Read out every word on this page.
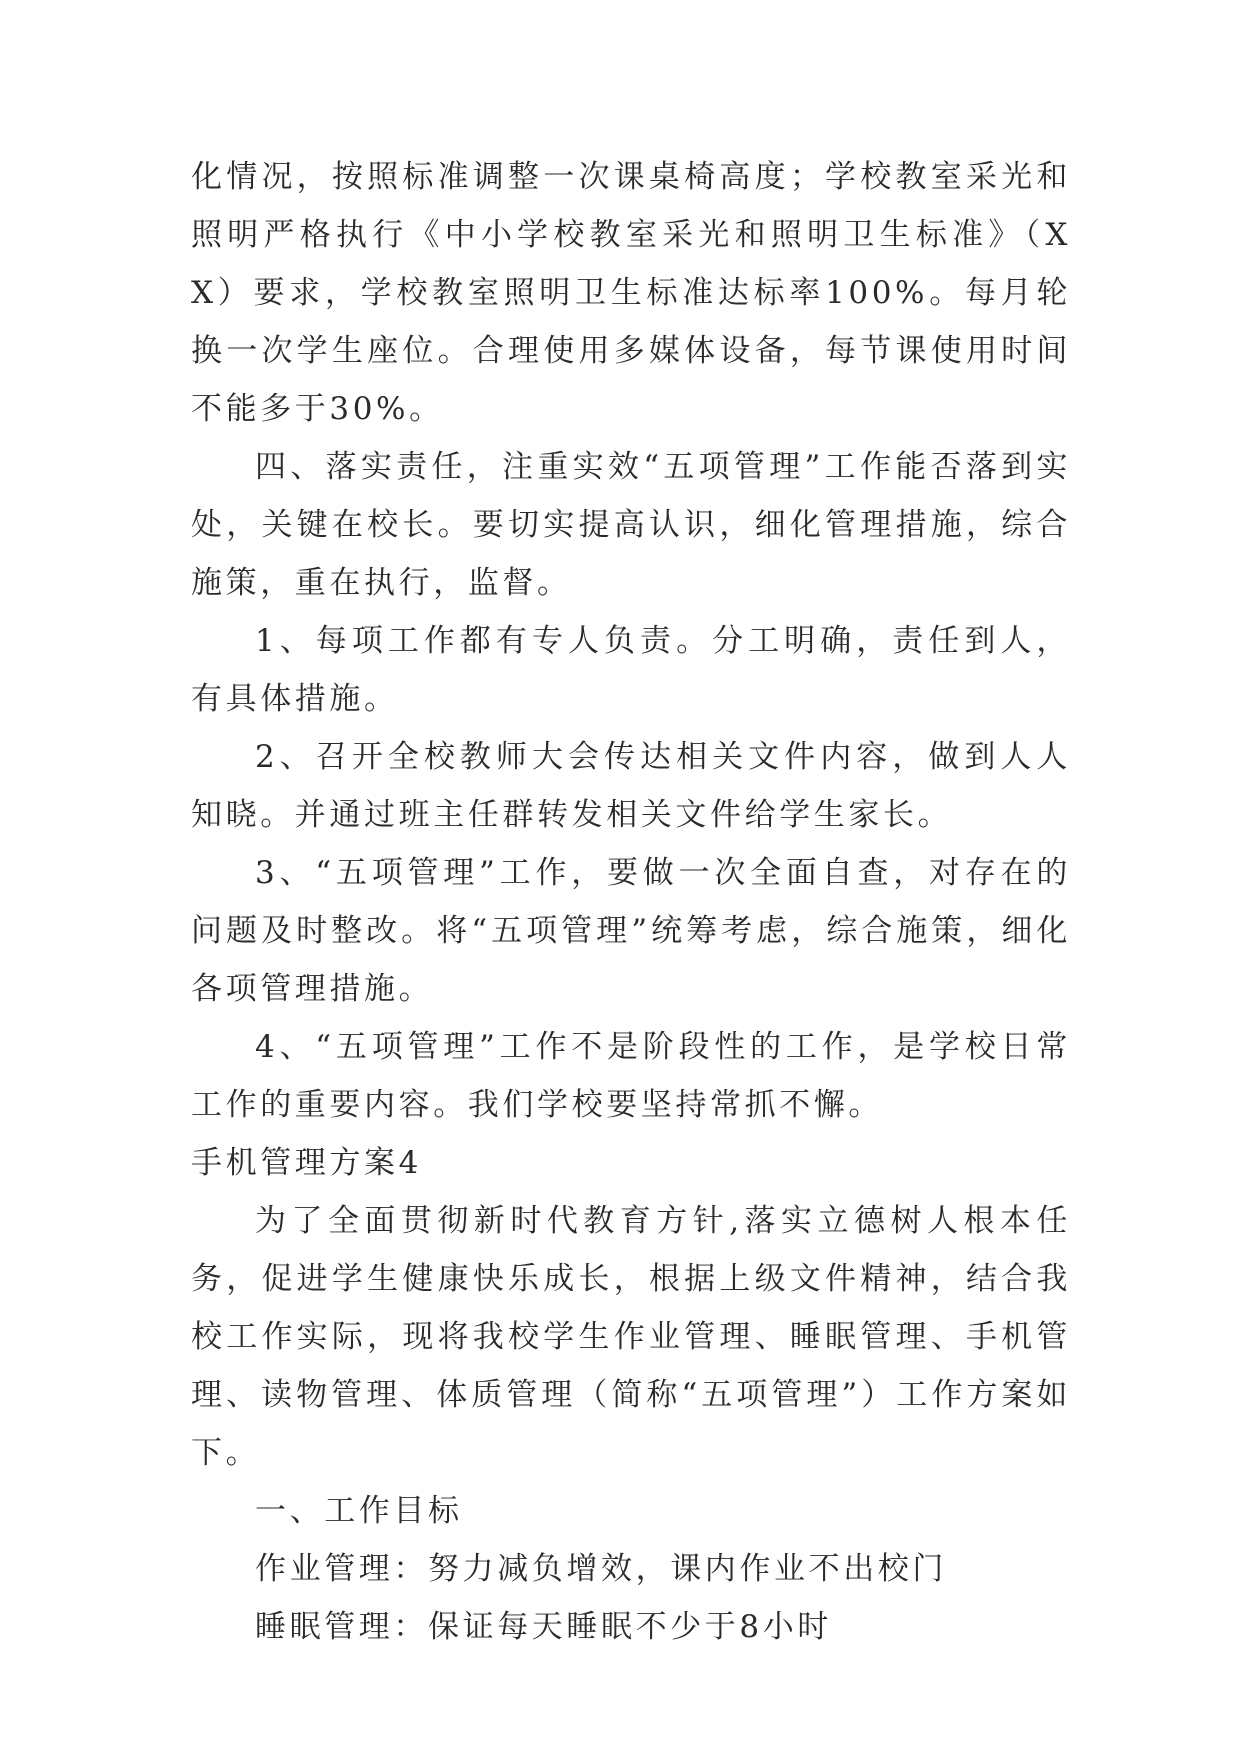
化情况，按照标准调整一次课桌椅高度；学校教室采光和照明严格执行《中小学校教室采光和照明卫生标准》（XX）要求，学校教室照明卫生标准达标率100%。每月轮换一次学生座位。合理使用多媒体设备，每节课使用时间不能多于30%。

四、落实责任，注重实效“五项管理”工作能否落到实处，关键在校长。要切实提高认识，细化管理措施，综合施策，重在执行，监督。

1、每项工作都有专人负责。分工明确，责任到人，有具体措施。

2、召开全校教师大会传达相关文件内容，做到人人知晓。并通过班主任群转发相关文件给学生家长。

3、“五项管理”工作，要做一次全面自查，对存在的问题及时整改。将“五项管理”统筹考虑，综合施策，细化各项管理措施。

4、“五项管理”工作不是阶段性的工作，是学校日常工作的重要内容。我们学校要坚持常抓不懈。

手机管理方案4

为了全面贯彻新时代教育方针,落实立德树人根本任务，促进学生健康快乐成长，根据上级文件精神，结合我校工作实际，现将我校学生作业管理、睡眠管理、手机管理、读物管理、体质管理（简称“五项管理”）工作方案如下。

一、工作目标

作业管理：努力减负增效，课内作业不出校门

睡眠管理：保证每天睡眠不少于8小时
